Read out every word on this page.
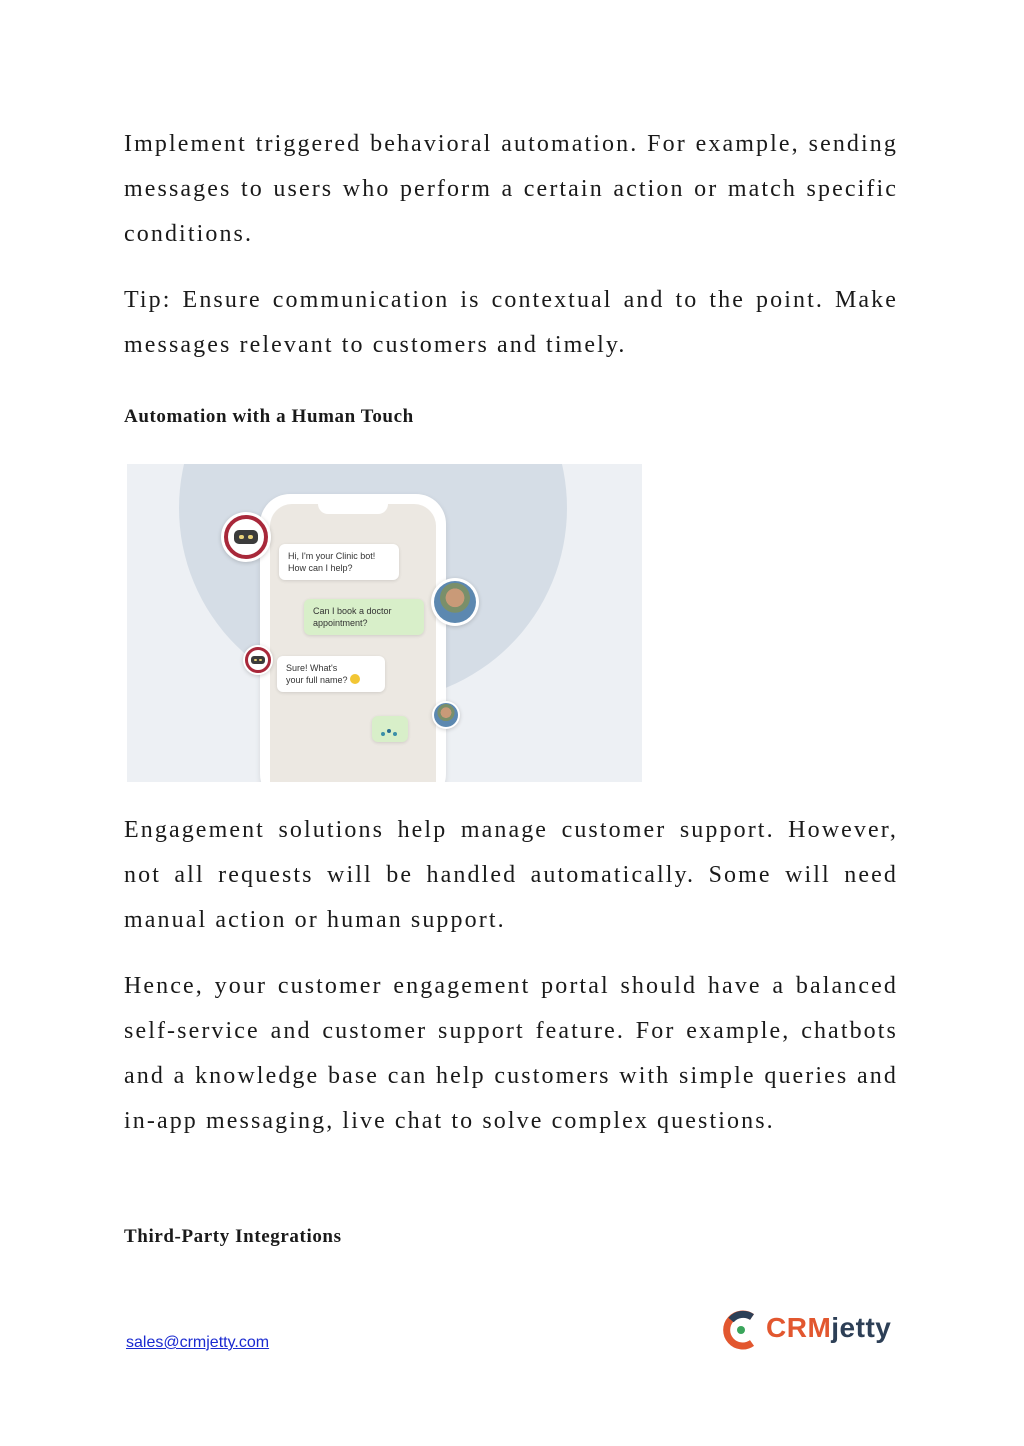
Implement triggered behavioral automation. For example, sending messages to users who perform a certain action or match specific conditions.

Tip: Ensure communication is contextual and to the point. Make messages relevant to customers and timely.

Automation with a Human Touch
Hi, I'm your Clinic bot!
How can I help?
Can I book a doctor
appointment?
Sure! What's
your full name?

Engagement solutions help manage customer support. However, not all requests will be handled automatically. Some will need manual action or human support.

Hence, your customer engagement portal should have a balanced self-service and customer support feature. For example, chatbots and a knowledge base can help customers with simple queries and in-app messaging, live chat to solve complex questions.

Third-Party Integrations
sales@crmjetty.com	CRMjetty
